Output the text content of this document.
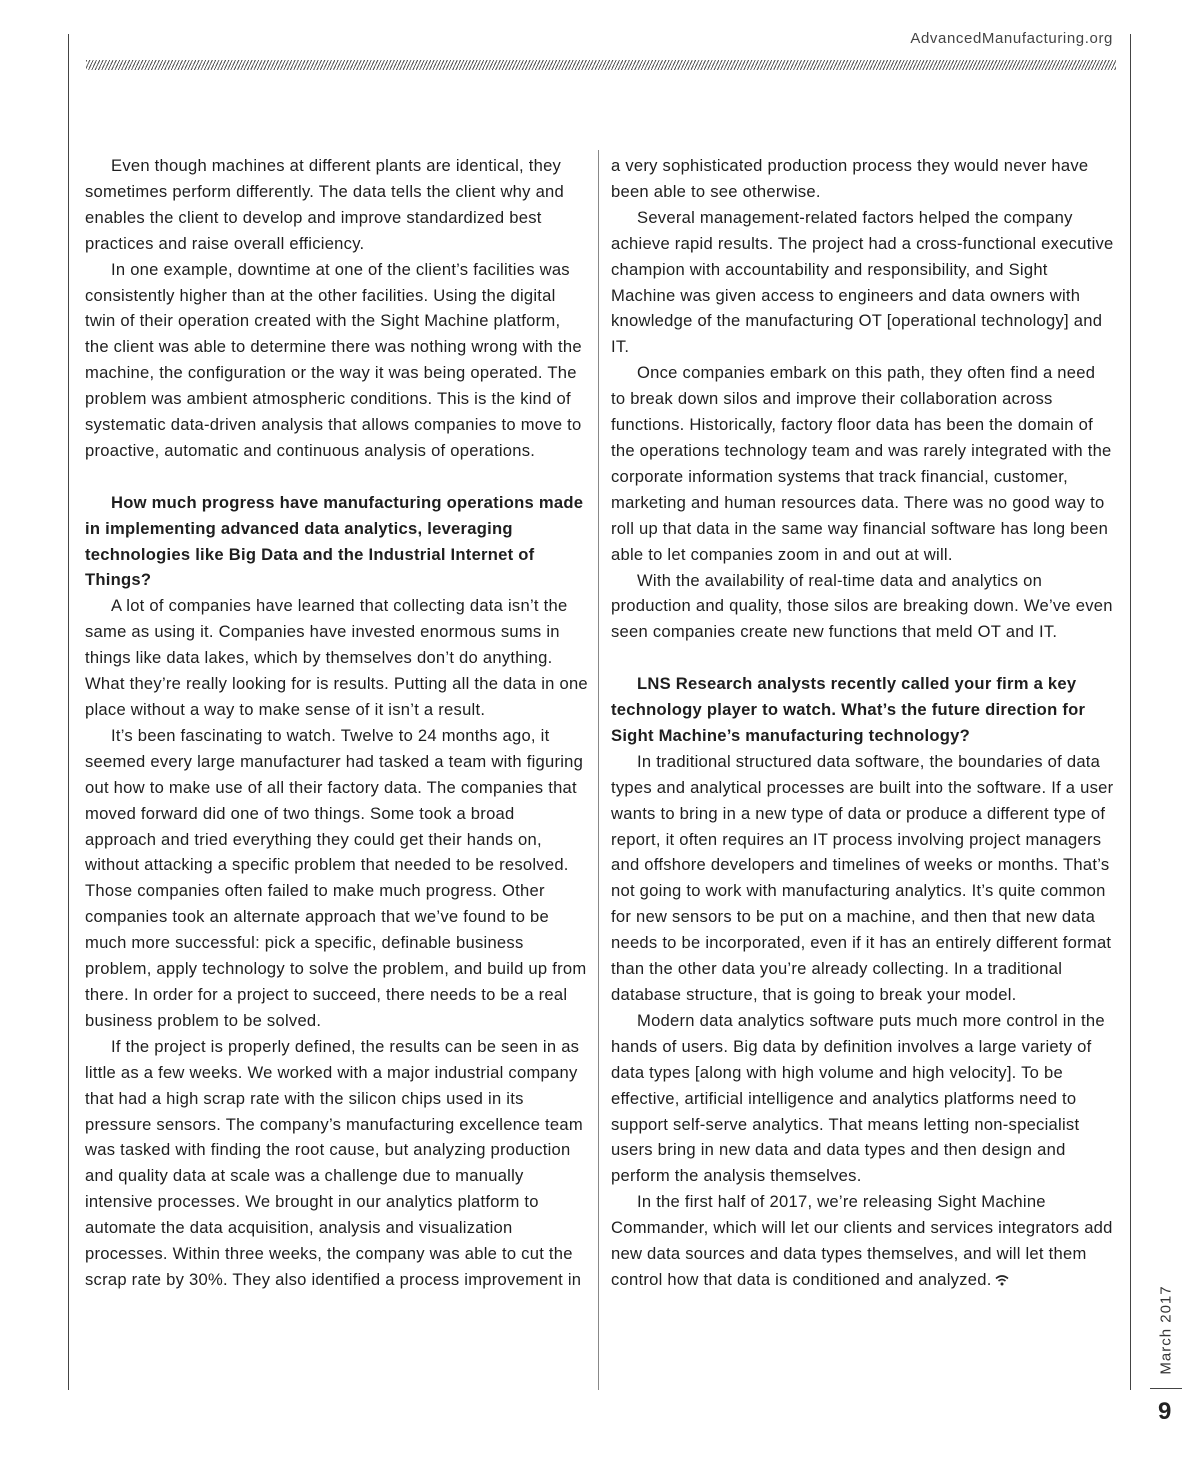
AdvancedManufacturing.org

Even though machines at different plants are identical, they sometimes perform differently. The data tells the client why and enables the client to develop and improve standardized best practices and raise overall efficiency.

In one example, downtime at one of the client’s facilities was consistently higher than at the other facilities. Using the digital twin of their operation created with the Sight Machine platform, the client was able to determine there was nothing wrong with the machine, the configuration or the way it was being operated. The problem was ambient atmospheric conditions. This is the kind of systematic data-driven analysis that allows companies to move to proactive, automatic and continuous analysis of operations.

How much progress have manufacturing operations made in implementing advanced data analytics, leveraging technologies like Big Data and the Industrial Internet of Things?

A lot of companies have learned that collecting data isn’t the same as using it. Companies have invested enormous sums in things like data lakes, which by themselves don’t do anything. What they’re really looking for is results. Putting all the data in one place without a way to make sense of it isn’t a result.

It’s been fascinating to watch. Twelve to 24 months ago, it seemed every large manufacturer had tasked a team with figuring out how to make use of all their factory data. The companies that moved forward did one of two things. Some took a broad approach and tried everything they could get their hands on, without attacking a specific problem that needed to be resolved. Those companies often failed to make much progress. Other companies took an alternate approach that we’ve found to be much more successful: pick a specific, definable business problem, apply technology to solve the problem, and build up from there. In order for a project to succeed, there needs to be a real business problem to be solved.

If the project is properly defined, the results can be seen in as little as a few weeks. We worked with a major industrial company that had a high scrap rate with the silicon chips used in its pressure sensors. The company’s manufacturing excellence team was tasked with finding the root cause, but analyzing production and quality data at scale was a challenge due to manually intensive processes. We brought in our analytics platform to automate the data acquisition, analysis and visualization processes. Within three weeks, the company was able to cut the scrap rate by 30%. They also identified a process improvement in

a very sophisticated production process they would never have been able to see otherwise.

Several management-related factors helped the company achieve rapid results. The project had a cross-functional executive champion with accountability and responsibility, and Sight Machine was given access to engineers and data owners with knowledge of the manufacturing OT [operational technology] and IT.

Once companies embark on this path, they often find a need to break down silos and improve their collaboration across functions. Historically, factory floor data has been the domain of the operations technology team and was rarely integrated with the corporate information systems that track financial, customer, marketing and human resources data. There was no good way to roll up that data in the same way financial software has long been able to let companies zoom in and out at will.

With the availability of real-time data and analytics on production and quality, those silos are breaking down. We’ve even seen companies create new functions that meld OT and IT.

LNS Research analysts recently called your firm a key technology player to watch. What’s the future direction for Sight Machine’s manufacturing technology?

In traditional structured data software, the boundaries of data types and analytical processes are built into the software. If a user wants to bring in a new type of data or produce a different type of report, it often requires an IT process involving project managers and offshore developers and timelines of weeks or months. That’s not going to work with manufacturing analytics. It’s quite common for new sensors to be put on a machine, and then that new data needs to be incorporated, even if it has an entirely different format than the other data you’re already collecting. In a traditional database structure, that is going to break your model.

Modern data analytics software puts much more control in the hands of users. Big data by definition involves a large variety of data types [along with high volume and high velocity]. To be effective, artificial intelligence and analytics platforms need to support self-serve analytics. That means letting non-specialist users bring in new data and data types and then design and perform the analysis themselves.

In the first half of 2017, we’re releasing Sight Machine Commander, which will let our clients and services integrators add new data sources and data types themselves, and will let them control how that data is conditioned and analyzed.

March 2017
9
